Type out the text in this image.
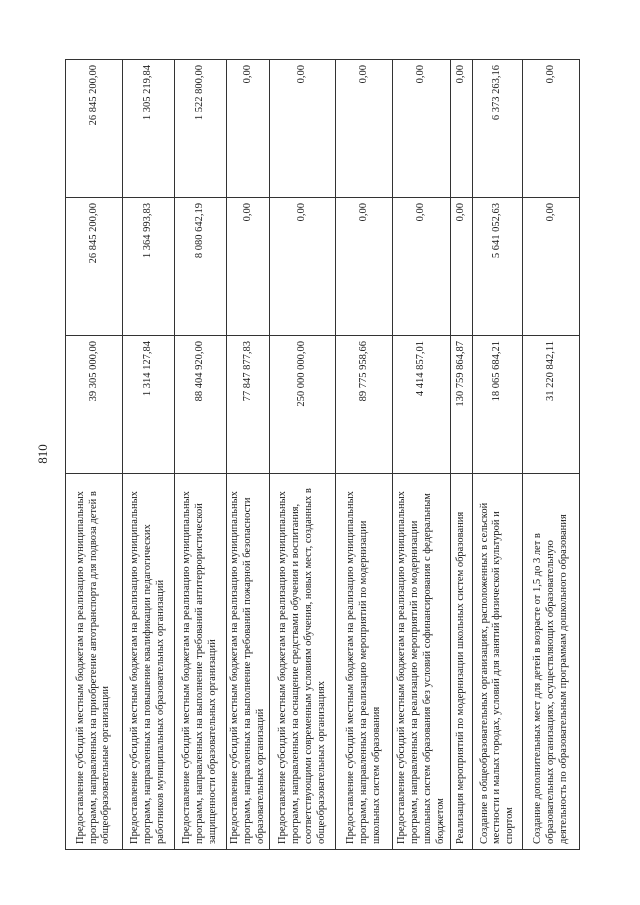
810
Предоставление субсидий местным бюджетам на реализацию муниципальных программ, направленных на приобретение автотранспорта для подвоза детей в общеобразовательные организации	39 305 000,00	26 845 200,00	26 845 200,00
Предоставление субсидий местным бюджетам на реализацию муниципальных программ, направленных на повышение квалификации педагогических работников муниципальных образовательных организаций	1 314 127,84	1 364 993,83	1 305 219,84
Предоставление субсидий местным бюджетам на реализацию муниципальных программ, направленных на выполнение требований антитеррористической защищенности образовательных организаций	88 404 920,00	8 080 642,19	1 522 800,00
Предоставление субсидий местным бюджетам на реализацию муниципальных программ, направленных на выполнение требований пожарной безопасности образовательных организаций	77 847 877,83	0,00	0,00
Предоставление субсидий местным бюджетам на реализацию муниципальных программ, направленных на оснащение средствами обучения и воспитания, соответствующими современным условиям обучения, новых мест, созданных в общеобразовательных организациях	250 000 000,00	0,00	0,00
Предоставление субсидий местным бюджетам на реализацию муниципальных программ, направленных на реализацию мероприятий по модернизации школьных систем образования	89 775 958,66	0,00	0,00
Предоставление субсидий местным бюджетам на реализацию муниципальных программ, направленных на реализацию мероприятий по модернизации школьных систем образования без условий софинансирования с федеральным бюджетом	4 414 857,01	0,00	0,00
Реализация мероприятий по модернизации школьных систем образования	130 759 864,87	0,00	0,00
Создание в общеобразовательных организациях, расположенных в сельской местности и малых городах, условий для занятий физической культурой и спортом	18 065 684,21	5 641 052,63	6 373 263,16
Создание дополнительных мест для детей в возрасте от 1,5 до 3 лет в образовательных организациях, осуществляющих образовательную деятельность по образовательным программам дошкольного образования	31 220 842,11	0,00	0,00
